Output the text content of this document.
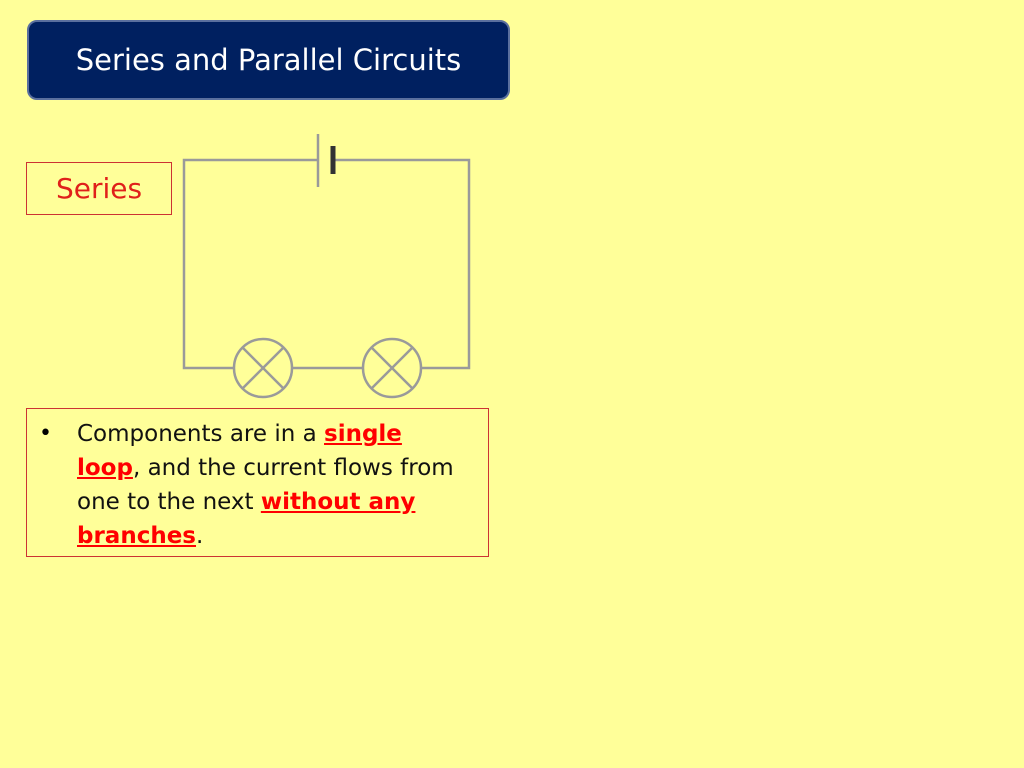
Series and Parallel Circuits
Series
•	Components are in a single loop, and the current flows from one to the next without any branches.
